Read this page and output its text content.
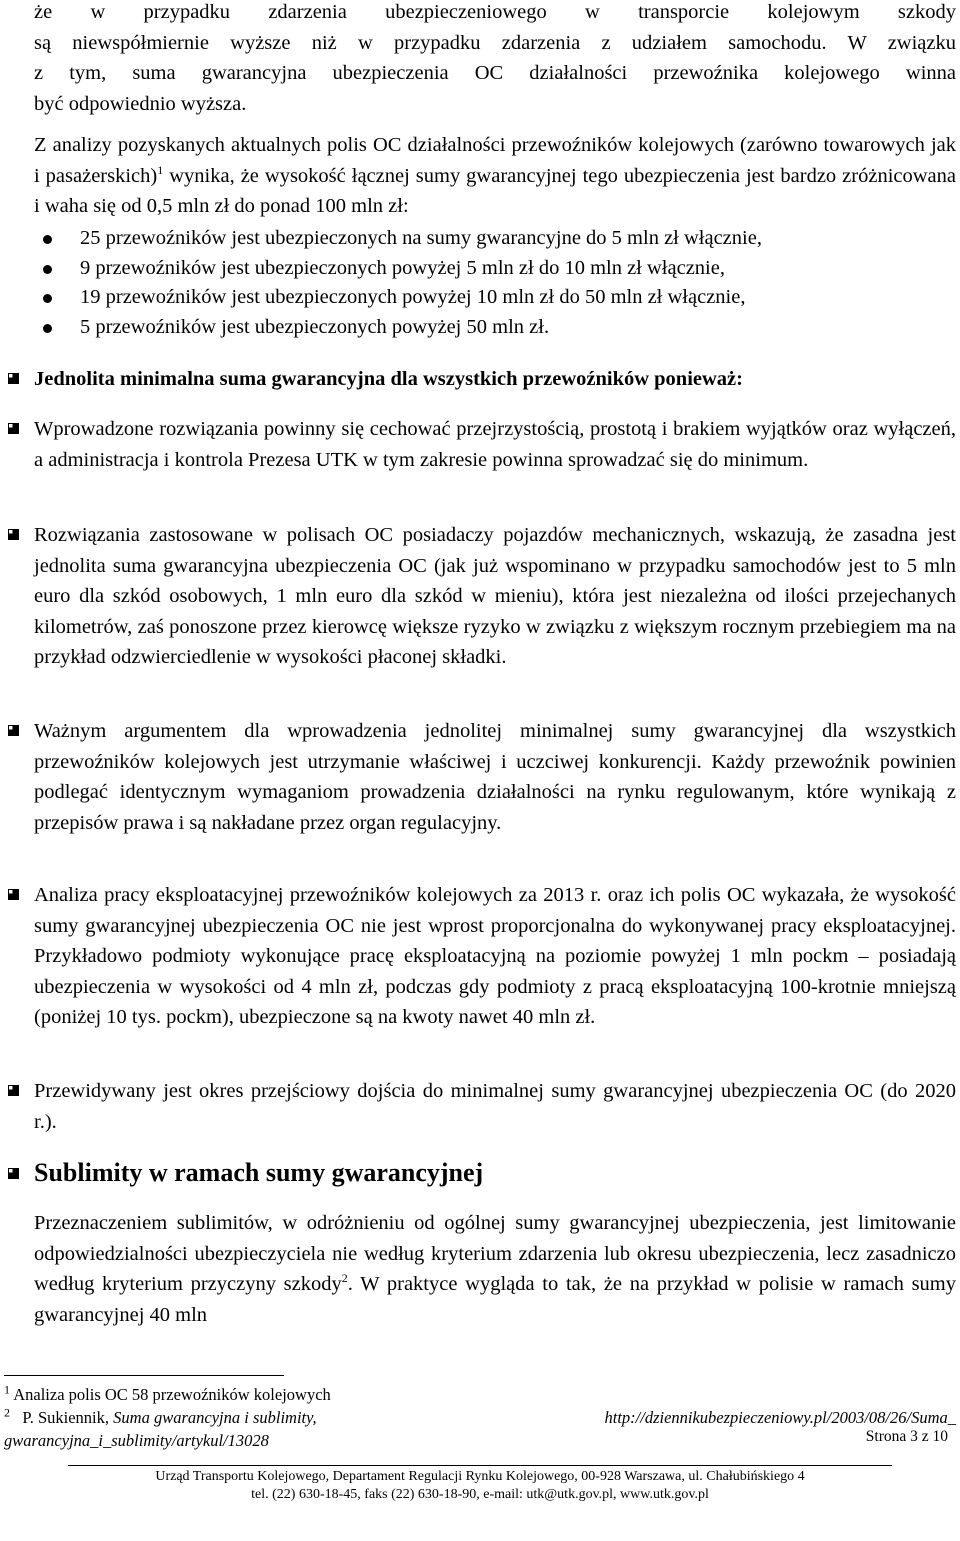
że w przypadku zdarzenia ubezpieczeniowego w transporcie kolejowym szkody
są niewspółmiernie wyższe niż w przypadku zdarzenia z udziałem samochodu. W związku
z tym, suma gwarancyjna ubezpieczenia OC działalności przewoźnika kolejowego winna
być odpowiednio wyższa.
Z analizy pozyskanych aktualnych polis OC działalności przewoźników kolejowych (zarówno towarowych jak i pasażerskich)$^1$ wynika, że wysokość łącznej sumy gwarancyjnej tego ubezpieczenia jest bardzo zróżnicowana i waha się od 0,5 mln zł do ponad 100 mln zł:
25 przewoźników jest ubezpieczonych na sumy gwarancyjne do 5 mln zł włącznie,
9 przewoźników jest ubezpieczonych powyżej 5 mln zł do 10 mln zł włącznie,
19 przewoźników jest ubezpieczonych powyżej 10 mln zł do 50 mln zł włącznie,
5 przewoźników jest ubezpieczonych powyżej 50 mln zł.
Jednolita minimalna suma gwarancyjna dla wszystkich przewoźników ponieważ:
Wprowadzone rozwiązania powinny się cechować przejrzystością, prostotą i brakiem wyjątków oraz wyłączeń, a administracja i kontrola Prezesa UTK w tym zakresie powinna sprowadzać się do minimum.
Rozwiązania zastosowane w polisach OC posiadaczy pojazdów mechanicznych, wskazują, że zasadna jest jednolita suma gwarancyjna ubezpieczenia OC (jak już wspominano w przypadku samochodów jest to 5 mln euro dla szkód osobowych, 1 mln euro dla szkód w mieniu), która jest niezależna od ilości przejechanych kilometrów, zaś ponoszone przez kierowcę większe ryzyko w związku z większym rocznym przebiegiem ma na przykład odzwierciedlenie w wysokości płaconej składki.
Ważnym argumentem dla wprowadzenia jednolitej minimalnej sumy gwarancyjnej dla wszystkich przewoźników kolejowych jest utrzymanie właściwej i uczciwej konkurencji. Każdy przewoźnik powinien podlegać identycznym wymaganiom prowadzenia działalności na rynku regulowanym, które wynikają z przepisów prawa i są nakładane przez organ regulacyjny.
Analiza pracy eksploatacyjnej przewoźników kolejowych za 2013 r. oraz ich polis OC wykazała, że wysokość sumy gwarancyjnej ubezpieczenia OC nie jest wprost proporcjonalna do wykonywanej pracy eksploatacyjnej. Przykładowo podmioty wykonujące pracę eksploatacyjną na poziomie powyżej 1 mln pockm – posiadają ubezpieczenia w wysokości od 4 mln zł, podczas gdy podmioty z pracą eksploatacyjną 100-krotnie mniejszą (poniżej 10 tys. pockm), ubezpieczone są na kwoty nawet 40 mln zł.
Przewidywany jest okres przejściowy dojścia do minimalnej sumy gwarancyjnej ubezpieczenia OC (do 2020 r.).
Sublimity w ramach sumy gwarancyjnej
Przeznaczeniem sublimitów, w odróżnieniu od ogólnej sumy gwarancyjnej ubezpieczenia, jest limitowanie odpowiedzialności ubezpieczyciela nie według kryterium zdarzenia lub okresu ubezpieczenia, lecz zasadniczo według kryterium przyczyny szkody$^2$. W praktyce wygląda to tak, że na przykład w polisie w ramach sumy gwarancyjnej 40 mln
$^1$ Analiza polis OC 58 przewoźników kolejowych
$^2$ P. Sukiennik, Suma gwarancyjna i sublimity,	http://dziennikubezpieczeniowy.pl/2003/08/26/Suma_
gwarancyjna_i_sublimity/artykul/13028	Strona 3 z 10
Urząd Transportu Kolejowego, Departament Regulacji Rynku Kolejowego, 00-928 Warszawa, ul. Chałubińskiego 4
tel. (22) 630-18-45, faks (22) 630-18-90, e-mail: utk@utk.gov.pl, www.utk.gov.pl
